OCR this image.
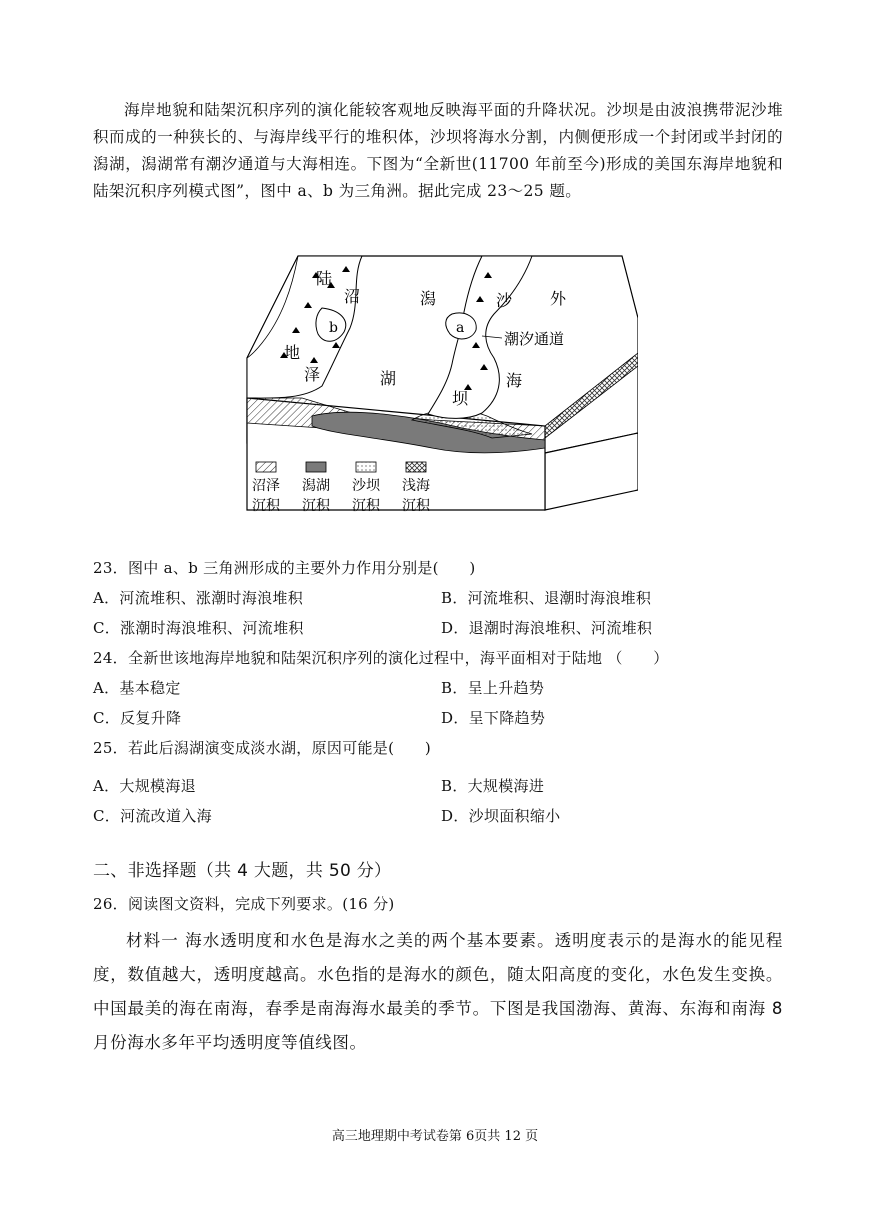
海岸地貌和陆架沉积序列的演化能较客观地反映海平面的升降状况。沙坝是由波浪携带泥沙堆积而成的一种狭长的、与海岸线平行的堆积体，沙坝将海水分割，内侧便形成一个封闭或半封闭的潟湖，潟湖常有潮汐通道与大海相连。下图为“全新世(11700 年前至今)形成的美国东海岸地貌和陆架沉积序列模式图”，图中 a、b 为三角洲。据此完成 23～25 题。
陆
地
沼
泽
b
潟
湖
a
沙
坝
潮汐通道
外
海
沼泽
沉积
潟湖
沉积
沙坝
沉积
浅海
沉积
23．图中 a、b 三角洲形成的主要外力作用分别是(　　)
A．河流堆积、涨潮时海浪堆积	B．河流堆积、退潮时海浪堆积
C．涨潮时海浪堆积、河流堆积	D．退潮时海浪堆积、河流堆积
24．全新世该地海岸地貌和陆架沉积序列的演化过程中，海平面相对于陆地 （　　）
A．基本稳定	B．呈上升趋势
C．反复升降	D．呈下降趋势
25．若此后潟湖演变成淡水湖，原因可能是(　　)
A．大规模海退	B．大规模海进
C．河流改道入海	D．沙坝面积缩小
二、非选择题（共 4 大题，共 50 分）
26．阅读图文资料，完成下列要求。(16 分)
材料一 海水透明度和水色是海水之美的两个基本要素。透明度表示的是海水的能见程度，数值越大，透明度越高。水色指的是海水的颜色，随太阳高度的变化，水色发生变换。中国最美的海在南海，春季是南海海水最美的季节。下图是我国渤海、黄海、东海和南海 8 月份海水多年平均透明度等值线图。
高三地理期中考试卷第 6页共 12 页
